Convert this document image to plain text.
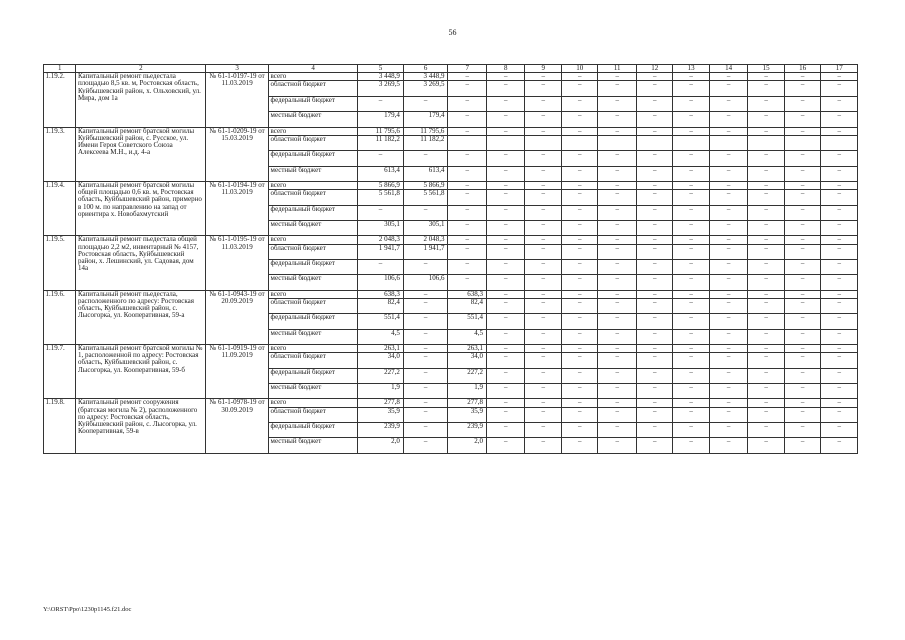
56
1	2	3	4	5	6	7	8	9	10	11	12	13	14	15	16	17
1.19.2.	Капитальный ремонт пьедестала площадью 8,5 кв. м, Ростовская область, Куйбышевский район, х. Ольховский, ул. Мира, дом 1а	№ 61-1-0197-19 от 11.03.2019	всего	3 448,9	3 448,9	–	–	–	–	–	–	–	–	–	–	–
			областной бюджет	3 269,5	3 269,5	–	–	–	–	–	–	–	–	–	–	–
			федеральный бюджет	–	–	–	–	–	–	–	–	–	–	–	–	–
			местный бюджет	179,4	179,4	–	–	–	–	–	–	–	–	–	–	–
1.19.3.	Капитальный ремонт братской могилы Куйбышевский район, с. Русское, ул. Имени Героя Советского Союза Алексеева М.Н., и.д. 4-а	№ 61-1-0209-19 от 15.03.2019	всего	11 795,6	11 795,6	–	–	–	–	–	–	–	–	–	–	–
			областной бюджет	11 182,2	11 182,2											
			федеральный бюджет	–	–	–	–	–	–	–	–	–	–	–	–	–
			местный бюджет	613,4	613,4	–	–	–	–	–	–	–	–	–	–	–
1.19.4.	Капитальный ремонт братской могилы общей площадью 0,6 кв. м, Ростовская область, Куйбышевский район, примерно в 100 м. по направлению на запад от ориентира х. Новобахмутский	№ 61-1-0194-19 от 11.03.2019	всего	5 866,9	5 866,9	–	–	–	–	–	–	–	–	–	–	–
			областной бюджет	5 561,8	5 561,8	–	–	–	–	–	–	–	–	–	–	–
			федеральный бюджет	–	–	–	–	–	–	–	–	–	–	–	–	–
			местный бюджет	305,1	305,1	–	–	–	–	–	–	–	–	–	–	–
1.19.5.	Капитальный ремонт пьедестала общей площадью 2,2 м2, инвентарный № 4157, Ростовская область, Куйбышевский район, х. Лешинский, ул. Садовая, дом 14а	№ 61-1-0195-19 от 11.03.2019	всего	2 048,3	2 048,3	–	–	–	–	–	–	–	–	–	–	–
			областной бюджет	1 941,7	1 941,7	–	–	–	–	–	–	–	–	–	–	–
			федеральный бюджет	–	–	–	–	–	–	–	–	–	–	–	–	–
			местный бюджет	106,6	106,6	–	–	–	–	–	–	–	–	–	–	–
1.19.6.	Капитальный ремонт пьедестала, расположенного по адресу: Ростовская область, Куйбышевский район, с. Лысогорка, ул. Кооперативная, 59-а	№ 61-1-0943-19 от 20.09.2019	всего	638,3	–	638,3	–	–	–	–	–	–	–	–	–	–
			областной бюджет	82,4	–	82,4	–	–	–	–	–	–	–	–	–	–
			федеральный бюджет	551,4	–	551,4	–	–	–	–	–	–	–	–	–	–
			местный бюджет	4,5	–	4,5	–	–	–	–	–	–	–	–	–	–
1.19.7.	Капитальный ремонт братской могилы № 1, расположенной по адресу: Ростовская область, Куйбышевский район, с. Лысогорка, ул. Кооперативная, 59-б	№ 61-1-0919-19 от 11.09.2019	всего	263,1	–	263,1	–	–	–	–	–	–	–	–	–	–
			областной бюджет	34,0	–	34,0	–	–	–	–	–	–	–	–	–	–
			федеральный бюджет	227,2	–	227,2	–	–	–	–	–	–	–	–	–	–
			местный бюджет	1,9	–	1,9	–	–	–	–	–	–	–	–	–	–
1.19.8.	Капитальный ремонт сооружения (братская могила № 2), расположенного по адресу: Ростовская область, Куйбышевский район, с. Лысогорка, ул. Кооперативная, 59-в	№ 61-1-0978-19 от 30.09.2019	всего	277,8	–	277,8	–	–	–	–	–	–	–	–	–	–
			областной бюджет	35,9	–	35,9	–	–	–	–	–	–	–	–	–	–
			федеральный бюджет	239,9	–	239,9	–	–	–	–	–	–	–	–	–	–
			местный бюджет	2,0	–	2,0	–	–	–	–	–	–	–	–	–	–
Y:\ORST\Ppo\1230p1145.f21.doc
